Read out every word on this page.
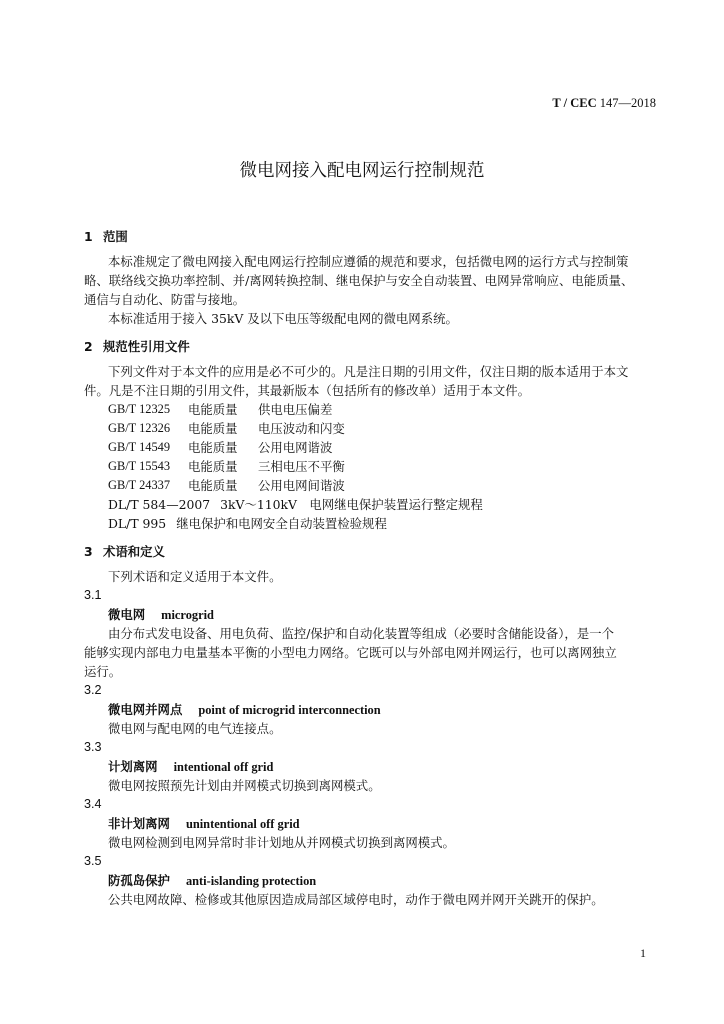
T / CEC 147—2018
微电网接入配电网运行控制规范
1 范围
本标准规定了微电网接入配电网运行控制应遵循的规范和要求，包括微电网的运行方式与控制策
略、联络线交换功率控制、并/离网转换控制、继电保护与安全自动装置、电网异常响应、电能质量、
通信与自动化、防雷与接地。
本标准适用于接入 35kV 及以下电压等级配电网的微电网系统。
2 规范性引用文件
下列文件对于本文件的应用是必不可少的。凡是注日期的引用文件，仅注日期的版本适用于本文
件。凡是不注日期的引用文件，其最新版本（包括所有的修改单）适用于本文件。
GB/T 12325	电能质量	供电电压偏差
GB/T 12326	电能质量	电压波动和闪变
GB/T 14549	电能质量	公用电网谐波
GB/T 15543	电能质量	三相电压不平衡
GB/T 24337	电能质量	公用电网间谐波
DL/T 584—2007 3kV～110kV　电网继电保护装置运行整定规程
DL/T 995 继电保护和电网安全自动装置检验规程
3 术语和定义
下列术语和定义适用于本文件。
3.1
微电网 microgrid
由分布式发电设备、用电负荷、监控/保护和自动化装置等组成（必要时含储能设备），是一个
能够实现内部电力电量基本平衡的小型电力网络。它既可以与外部电网并网运行，也可以离网独立
运行。
3.2
微电网并网点 point of microgrid interconnection
微电网与配电网的电气连接点。
3.3
计划离网 intentional off grid
微电网按照预先计划由并网模式切换到离网模式。
3.4
非计划离网 unintentional off grid
微电网检测到电网异常时非计划地从并网模式切换到离网模式。
3.5
防孤岛保护 anti-islanding protection
公共电网故障、检修或其他原因造成局部区域停电时，动作于微电网并网开关跳开的保护。
1
